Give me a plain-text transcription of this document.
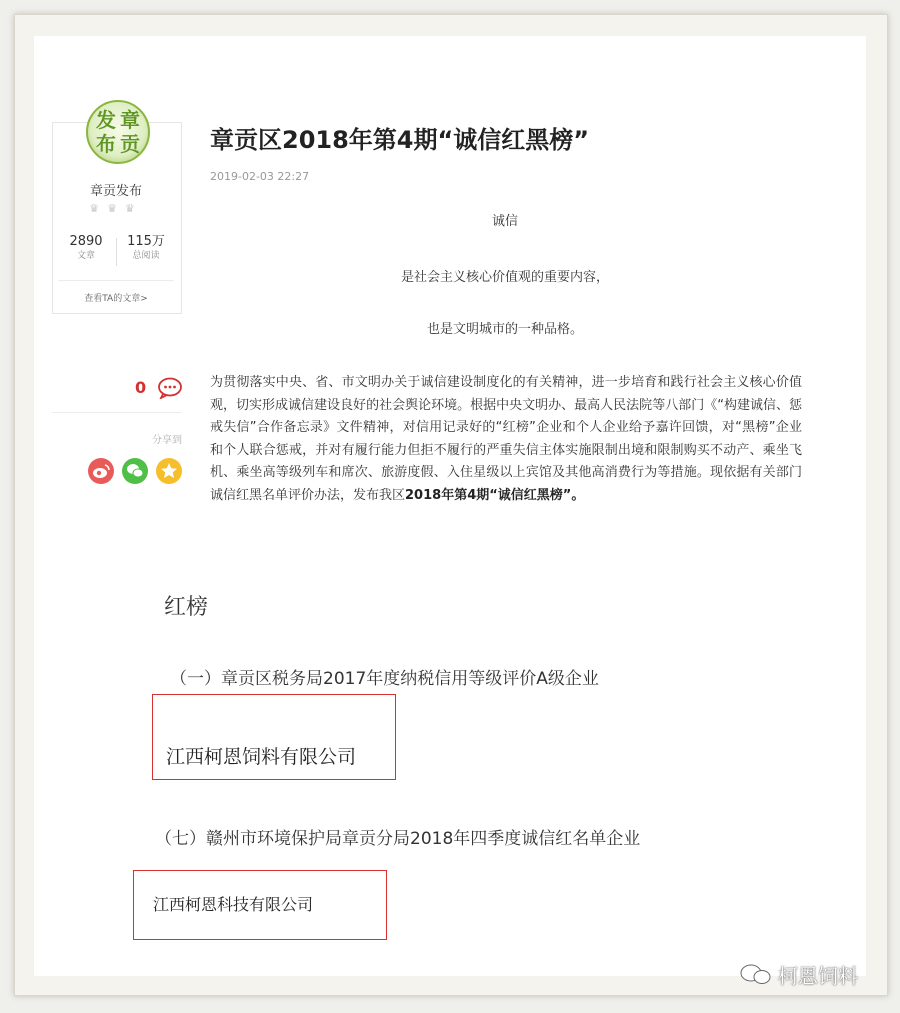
发 章
布 贡
章贡发布
♛♛♛
2890
文章
115万
总阅读
查看TA的文章>
0
分享到
章贡区2018年第4期“诚信红黑榜”
2019-02-03 22:27
诚信
是社会主义核心价值观的重要内容，
也是文明城市的一种品格。
为贯彻落实中央、省、市文明办关于诚信建设制度化的有关精神，进一步培育和践行社会主义核心价值观，切实形成诚信建设良好的社会舆论环境。根据中央文明办、最高人民法院等八部门《“构建诚信、惩戒失信”合作备忘录》文件精神，对信用记录好的“红榜”企业和个人企业给予嘉许回馈，对“黑榜”企业和个人联合惩戒，并对有履行能力但拒不履行的严重失信主体实施限制出境和限制购买不动产、乘坐飞机、乘坐高等级列车和席次、旅游度假、入住星级以上宾馆及其他高消费行为等措施。现依据有关部门诚信红黑名单评价办法，发布我区2018年第4期“诚信红黑榜”。
红榜
（一）章贡区税务局2017年度纳税信用等级评价A级企业
江西柯恩饲料有限公司
（七）赣州市环境保护局章贡分局2018年四季度诚信红名单企业
江西柯恩科技有限公司
柯恩饲料
